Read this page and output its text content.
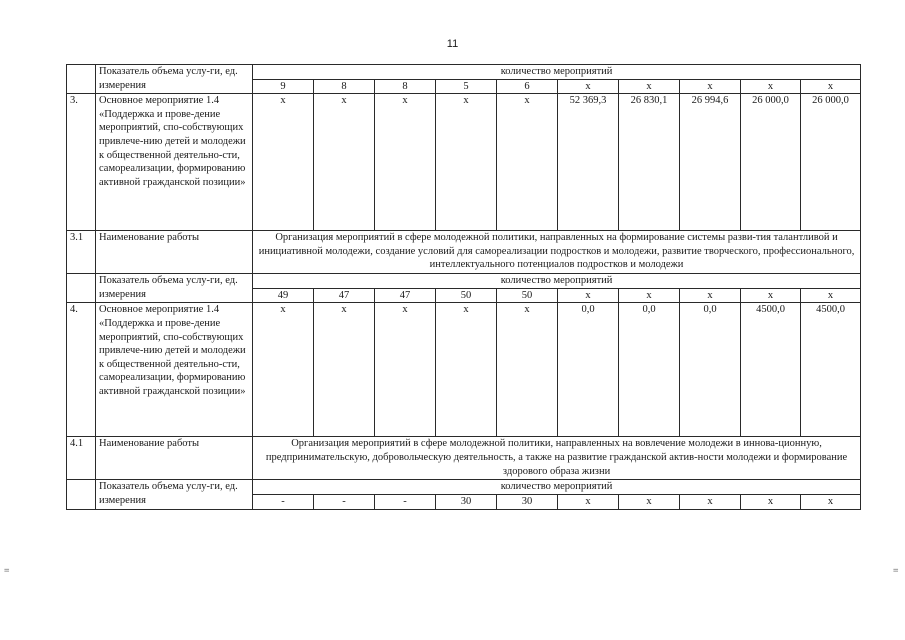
11
	Показатель объема услу-ги, ед. измерения	количество мероприятий									
		9	8	8	5	6	х	х	х	х	х
3.	Основное мероприятие 1.4 «Поддержка и прове-дение мероприятий, спо-собствующих привлече-нию детей и молодежи к общественной деятельно-сти, самореализации, формированию активной гражданской позиции»	х	х	х	х	х	52 369,3	26 830,1	26 994,6	26 000,0	26 000,0
3.1	Наименование работы	Организация мероприятий в сфере молодежной политики, направленных на формирование системы разви-тия талантливой и инициативной молодежи, создание условий для самореализации подростков и молодежи, развитие творческого, профессионального, интеллектуального потенциалов подростков и молодежи									
	Показатель объема услу-ги, ед. измерения	количество мероприятий									
		49	47	47	50	50	х	х	х	х	х
4.	Основное мероприятие 1.4 «Поддержка и прове-дение мероприятий, спо-собствующих привлече-нию детей и молодежи к общественной деятельно-сти, самореализации, формированию активной гражданской позиции»	х	х	х	х	х	0,0	0,0	0,0	4500,0	4500,0
4.1	Наименование работы	Организация мероприятий в сфере молодежной политики, направленных на вовлечение молодежи в иннова-ционную, предпринимательскую, добровольческую деятельность, а также на развитие гражданской актив-ности молодежи и формирование здорового образа жизни									
	Показатель объема услу-ги, ед. измерения	количество мероприятий									
		-	-	-	30	30	х	х	х	х	х
=	=
